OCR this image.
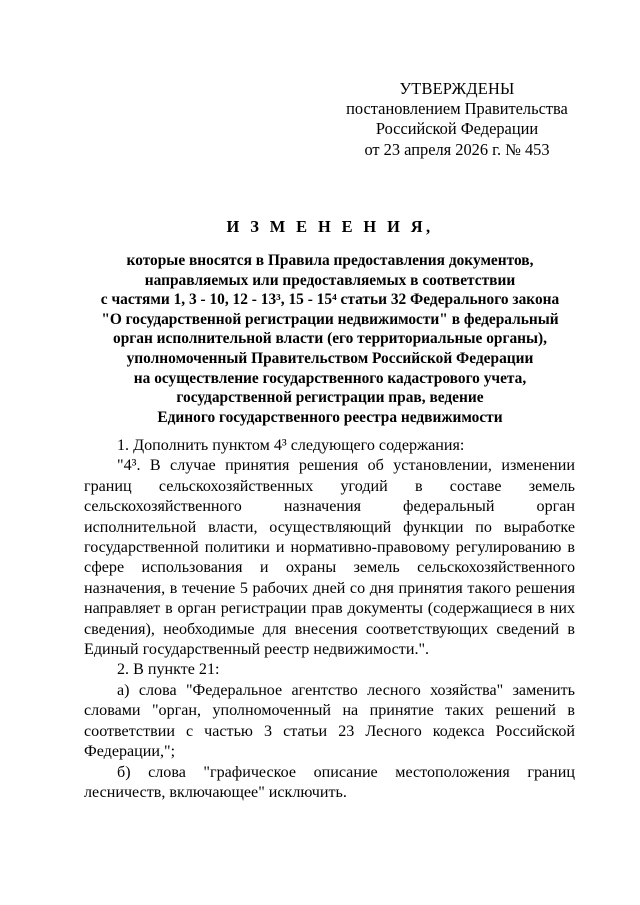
УТВЕРЖДЕНЫ
постановлением Правительства
Российской Федерации
от 23 апреля 2026 г. № 453
И З М Е Н Е Н И Я,
которые вносятся в Правила предоставления документов,
направляемых или предоставляемых в соответствии
с частями 1, 3 - 10, 12 - 13³, 15 - 15⁴ статьи 32 Федерального закона
"О государственной регистрации недвижимости" в федеральный
орган исполнительной власти (его территориальные органы),
уполномоченный Правительством Российской Федерации
на осуществление государственного кадастрового учета,
государственной регистрации прав, ведение
Единого государственного реестра недвижимости

1. Дополнить пунктом 4³ следующего содержания:

"4³. В случае принятия решения об установлении, изменении границ сельскохозяйственных угодий в составе земель сельскохозяйственного назначения федеральный орган исполнительной власти, осуществляющий функции по выработке государственной политики и нормативно-правовому регулированию в сфере использования и охраны земель сельскохозяйственного назначения, в течение 5 рабочих дней со дня принятия такого решения направляет в орган регистрации прав документы (содержащиеся в них сведения), необходимые для внесения соответствующих сведений в Единый государственный реестр недвижимости.".

2. В пункте 21:

а) слова "Федеральное агентство лесного хозяйства" заменить словами "орган, уполномоченный на принятие таких решений в соответствии с частью 3 статьи 23 Лесного кодекса Российской Федерации,";

б) слова "графическое описание местоположения границ лесничеств, включающее" исключить.
